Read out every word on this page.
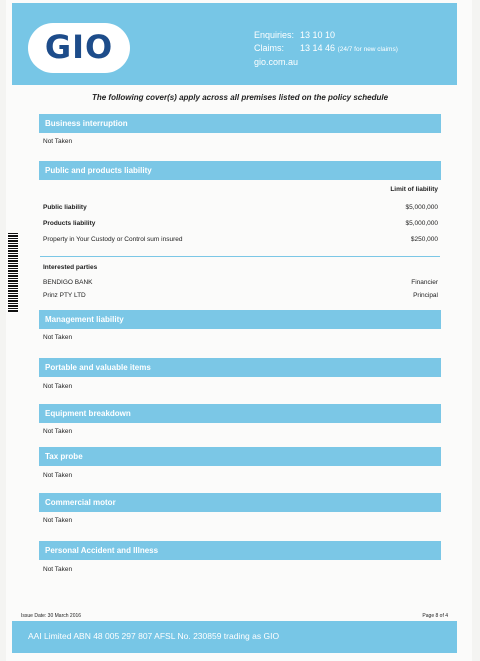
GIO	Enquiries: 13 10 10
Claims: 13 14 46 (24/7 for new claims)
gio.com.au
The following cover(s) apply across all premises listed on the policy schedule
Business interruption
Not Taken
Public and products liability
Limit of liability
Public liability	$5,000,000
Products liability	$5,000,000
Property in Your Custody or Control sum insured	$250,000
Interested parties
BENDIGO BANK	Financier
Prinz PTY LTD	Principal
Management liability
Not Taken
Portable and valuable items
Not Taken
Equipment breakdown
Not Taken
Tax probe
Not Taken
Commercial motor
Not Taken
Personal Accident and Illness
Not Taken
Issue Date: 30 March 2016	Page 8 of 4
AAI Limited ABN 48 005 297 807 AFSL No. 230859 trading as GIO
